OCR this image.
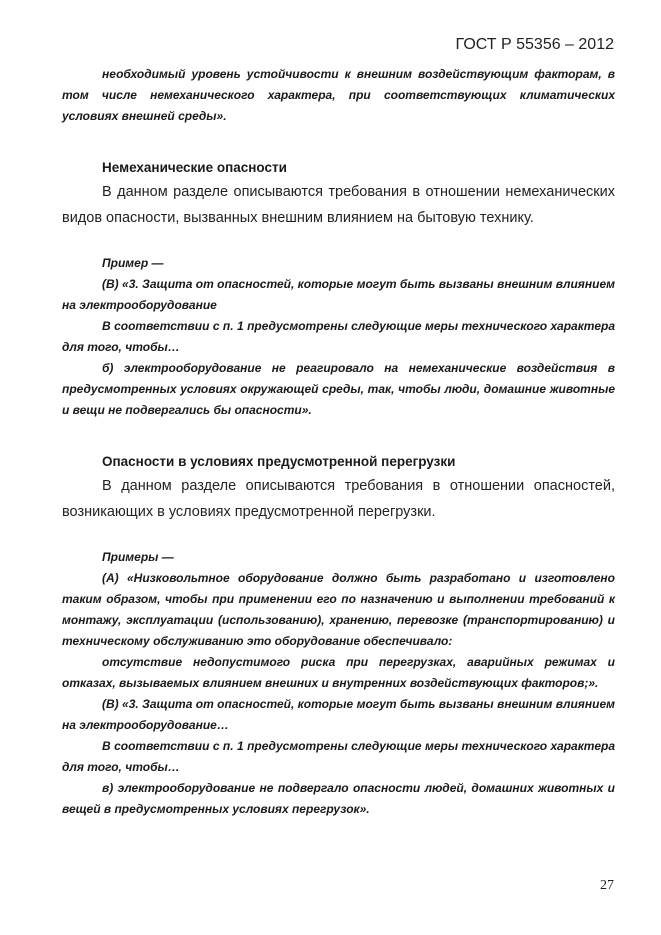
ГОСТ Р 55356 – 2012

необходимый уровень устойчивости к внешним воздействующим факторам, в том числе немеханического характера, при соответствующих климатических условиях внешней среды».

Немеханические опасности

В данном разделе описываются требования в отношении немеханических видов опасности, вызванных внешним влиянием на бытовую технику.

Пример —

(B) «3. Защита от опасностей, которые могут быть вызваны внешним влиянием на электрооборудование

В соответствии с п. 1 предусмотрены следующие меры технического характера для того, чтобы…

б) электрооборудование не реагировало на немеханические воздействия в предусмотренных условиях окружающей среды, так, чтобы люди, домашние животные и вещи не подвергались бы опасности».

Опасности в условиях предусмотренной перегрузки

В данном разделе описываются требования в отношении опасностей, возникающих в условиях предусмотренной перегрузки.

Примеры —

(A) «Низковольтное оборудование должно быть разработано и изготовлено таким образом, чтобы при применении его по назначению и выполнении требований к монтажу, эксплуатации (использованию), хранению, перевозке (транспортированию) и техническому обслуживанию это оборудование обеспечивало:

отсутствие недопустимого риска при перегрузках, аварийных режимах и отказах, вызываемых влиянием внешних и внутренних воздействующих факторов;».

(B) «3. Защита от опасностей, которые могут быть вызваны внешним влиянием на электрооборудование…

В соответствии с п. 1 предусмотрены следующие меры технического характера для того, чтобы…

в) электрооборудование не подвергало опасности людей, домашних животных и вещей в предусмотренных условиях перегрузок».

27
